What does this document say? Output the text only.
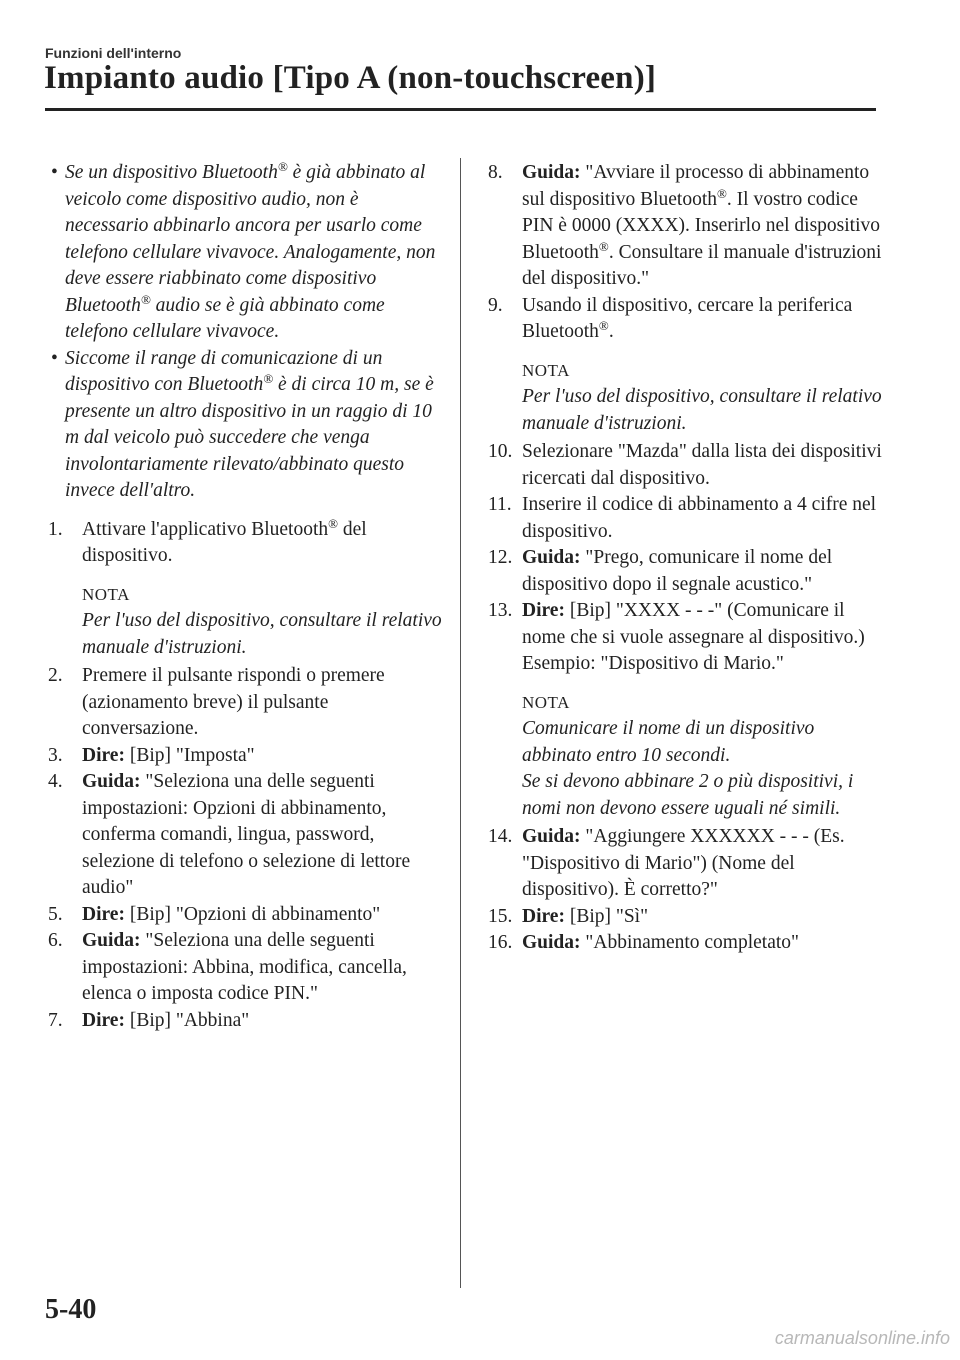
Funzioni dell'interno
Impianto audio [Tipo A (non-touchscreen)]
• Se un dispositivo Bluetooth® è già abbinato al veicolo come dispositivo audio, non è necessario abbinarlo ancora per usarlo come telefono cellulare vivavoce. Analogamente, non deve essere riabbinato come dispositivo Bluetooth® audio se è già abbinato come telefono cellulare vivavoce.
• Siccome il range di comunicazione di un dispositivo con Bluetooth® è di circa 10 m, se è presente un altro dispositivo in un raggio di 10 m dal veicolo può succedere che venga involontariamente rilevato/abbinato questo invece dell'altro.
1. Attivare l'applicativo Bluetooth® del dispositivo.
NOTA
Per l'uso del dispositivo, consultare il relativo manuale d'istruzioni.
2. Premere il pulsante rispondi o premere (azionamento breve) il pulsante conversazione.
3. Dire: [Bip] "Imposta"
4. Guida: "Seleziona una delle seguenti impostazioni: Opzioni di abbinamento, conferma comandi, lingua, password, selezione di telefono o selezione di lettore audio"
5. Dire: [Bip] "Opzioni di abbinamento"
6. Guida: "Seleziona una delle seguenti impostazioni: Abbina, modifica, cancella, elenca o imposta codice PIN."
7. Dire: [Bip] "Abbina"
8. Guida: "Avviare il processo di abbinamento sul dispositivo Bluetooth®. Il vostro codice PIN è 0000 (XXXX). Inserirlo nel dispositivo Bluetooth®. Consultare il manuale d'istruzioni del dispositivo."
9. Usando il dispositivo, cercare la periferica Bluetooth®.
NOTA
Per l'uso del dispositivo, consultare il relativo manuale d'istruzioni.
10. Selezionare "Mazda" dalla lista dei dispositivi ricercati dal dispositivo.
11. Inserire il codice di abbinamento a 4 cifre nel dispositivo.
12. Guida: "Prego, comunicare il nome del dispositivo dopo il segnale acustico."
13. Dire: [Bip] "XXXX - - -" (Comunicare il nome che si vuole assegnare al dispositivo.)
Esempio: "Dispositivo di Mario."
NOTA
Comunicare il nome di un dispositivo abbinato entro 10 secondi.
Se si devono abbinare 2 o più dispositivi, i nomi non devono essere uguali né simili.
14. Guida: "Aggiungere XXXXXX - - - (Es. "Dispositivo di Mario") (Nome del dispositivo). È corretto?"
15. Dire: [Bip] "Sì"
16. Guida: "Abbinamento completato"
5-40
carmanualsonline.info
